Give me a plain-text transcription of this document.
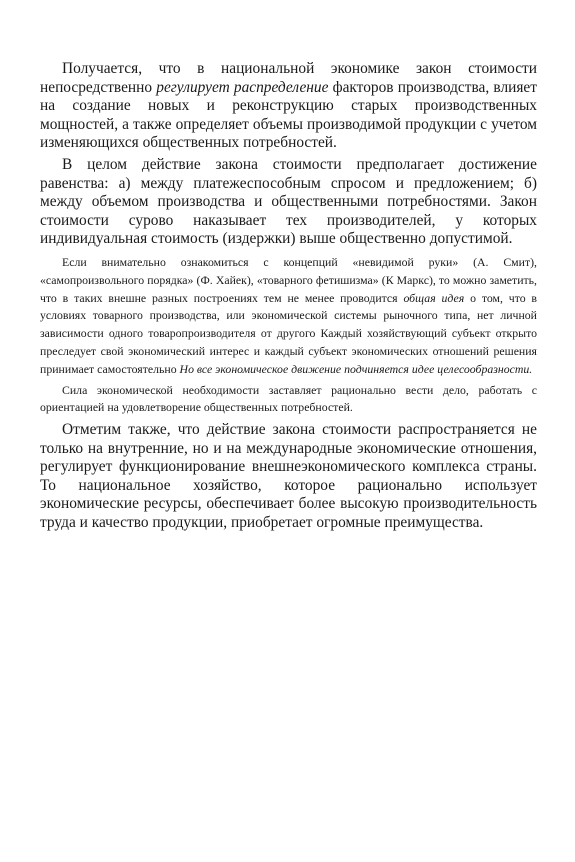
Получается, что в национальной экономике закон стоимости непосредственно регулирует распределение факторов производства, влияет на создание новых и реконструкцию старых производственных мощностей, а также определяет объемы производимой продукции с учетом изменяющихся общественных потребностей.

В целом действие закона стоимости предполагает достижение равенства: а) между платежеспособным спросом и предложением; б) между объемом производства и общественными потребностями. Закон стоимости сурово наказывает тех производителей, у которых индивидуальная стоимость (издержки) выше общественно допустимой.

Если внимательно ознакомиться с концепций «невидимой руки» (А. Смит), «самопроизвольного порядка» (Ф. Хайек), «товарного фетишизма» (К Маркс), то можно заметить, что в таких внешне разных построениях тем не менее проводится общая идея о том, что в условиях товарного производства, или экономической системы рыночного типа, нет личной зависимости одного товаропроизводителя от другого Каждый хозяйствующий субъект открыто преследует свой экономический интерес и каждый субъект экономических отношений решения принимает самостоятельно Но все экономическое движение подчиняется идее целесообразности.

Сила экономической необходимости заставляет рационально вести дело, работать с ориентацией на удовлетворение общественных потребностей.

Отметим также, что действие закона стоимости распространяется не только на внутренние, но и на международные экономические отношения, регулирует функционирование внешнеэкономического комплекса страны. То национальное хозяйство, которое рационально использует экономические ресурсы, обеспечивает более высокую производительность труда и качество продукции, приобретает огромные преимущества.
